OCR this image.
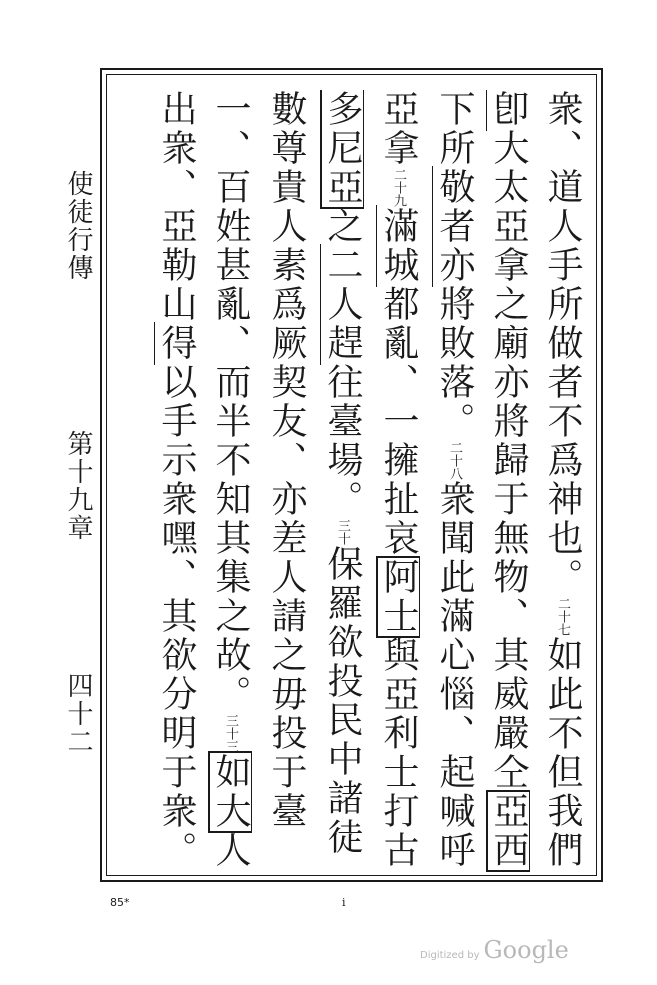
使徒行傳
第十九章
四十二
衆、道人手所做者不爲神也。二十七如此不但我們
卽大太亞拿之廟亦將歸于無物、其威嚴仝亞西
下所敬者亦將敗落。二十八衆聞此滿心惱、起喊呼
亞拿二十九滿城都亂、一擁扯哀阿士與亞利士打古
多尼亞之二人趕往臺場。三十保羅欲投民中諸徒
數尊貴人素爲厥契友、亦差人請之毋投于臺
一、百姓甚亂、而半不知其集之故。三十三如大人
出衆、亞勒山得以手示衆嘿、其欲分明于衆。
85*	i
Digitized by Google
